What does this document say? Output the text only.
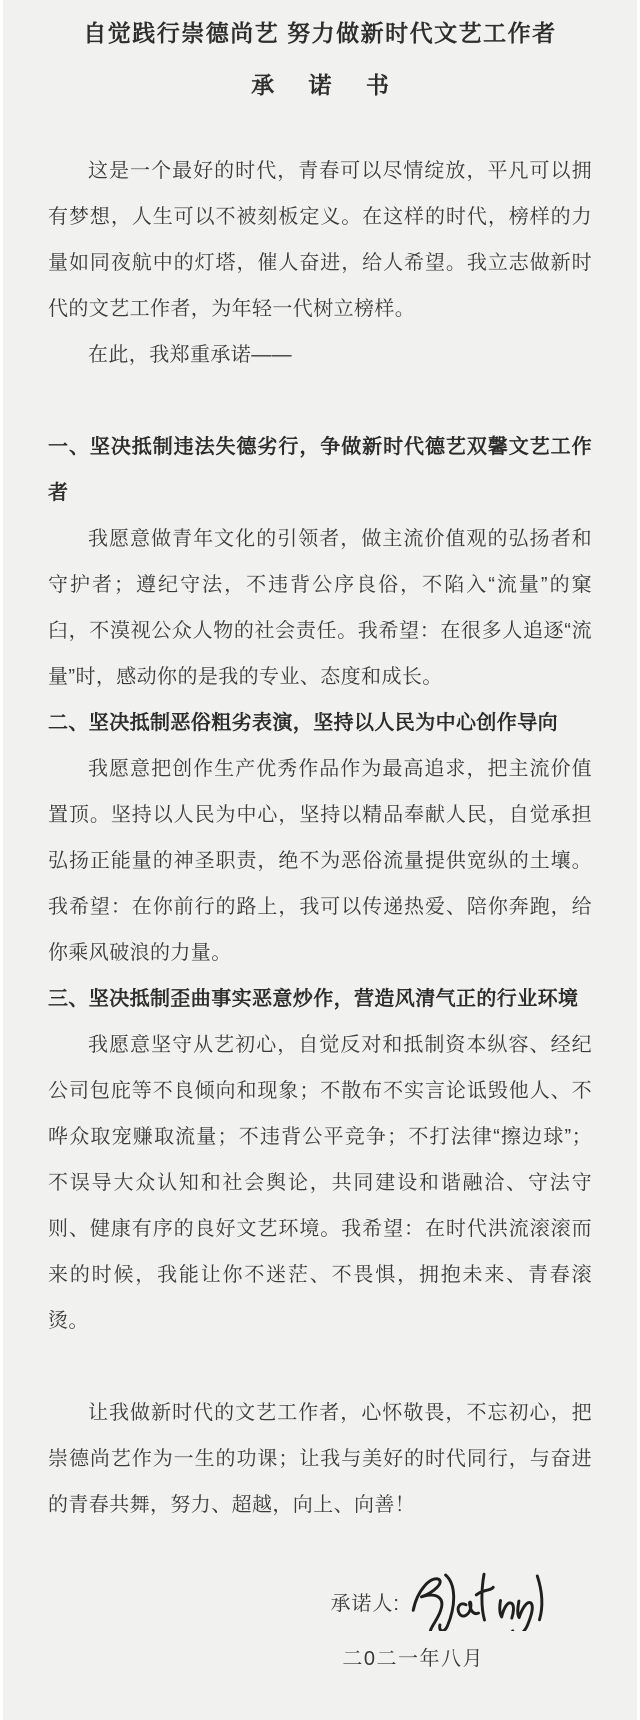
自觉践行崇德尚艺 努力做新时代文艺工作者
承 诺 书

这是一个最好的时代，青春可以尽情绽放，平凡可以拥有梦想，人生可以不被刻板定义。在这样的时代，榜样的力量如同夜航中的灯塔，催人奋进，给人希望。我立志做新时代的文艺工作者，为年轻一代树立榜样。

在此，我郑重承诺——

一、坚决抵制违法失德劣行，争做新时代德艺双馨文艺工作者

我愿意做青年文化的引领者，做主流价值观的弘扬者和守护者；遵纪守法，不违背公序良俗，不陷入“流量”的窠臼，不漠视公众人物的社会责任。我希望：在很多人追逐“流量”时，感动你的是我的专业、态度和成长。

二、坚决抵制恶俗粗劣表演，坚持以人民为中心创作导向

我愿意把创作生产优秀作品作为最高追求，把主流价值置顶。坚持以人民为中心，坚持以精品奉献人民，自觉承担弘扬正能量的神圣职责，绝不为恶俗流量提供宽纵的土壤。我希望：在你前行的路上，我可以传递热爱、陪你奔跑，给你乘风破浪的力量。

三、坚决抵制歪曲事实恶意炒作，营造风清气正的行业环境

我愿意坚守从艺初心，自觉反对和抵制资本纵容、经纪公司包庇等不良倾向和现象；不散布不实言论诋毁他人、不哗众取宠赚取流量；不违背公平竞争；不打法律“擦边球”；不误导大众认知和社会舆论，共同建设和谐融洽、守法守则、健康有序的良好文艺环境。我希望：在时代洪流滚滚而来的时候，我能让你不迷茫、不畏惧，拥抱未来、青春滚烫。

让我做新时代的文艺工作者，心怀敬畏，不忘初心，把崇德尚艺作为一生的功课；让我与美好的时代同行，与奋进的青春共舞，努力、超越，向上、向善！

承诺人:
二0二一年八月
